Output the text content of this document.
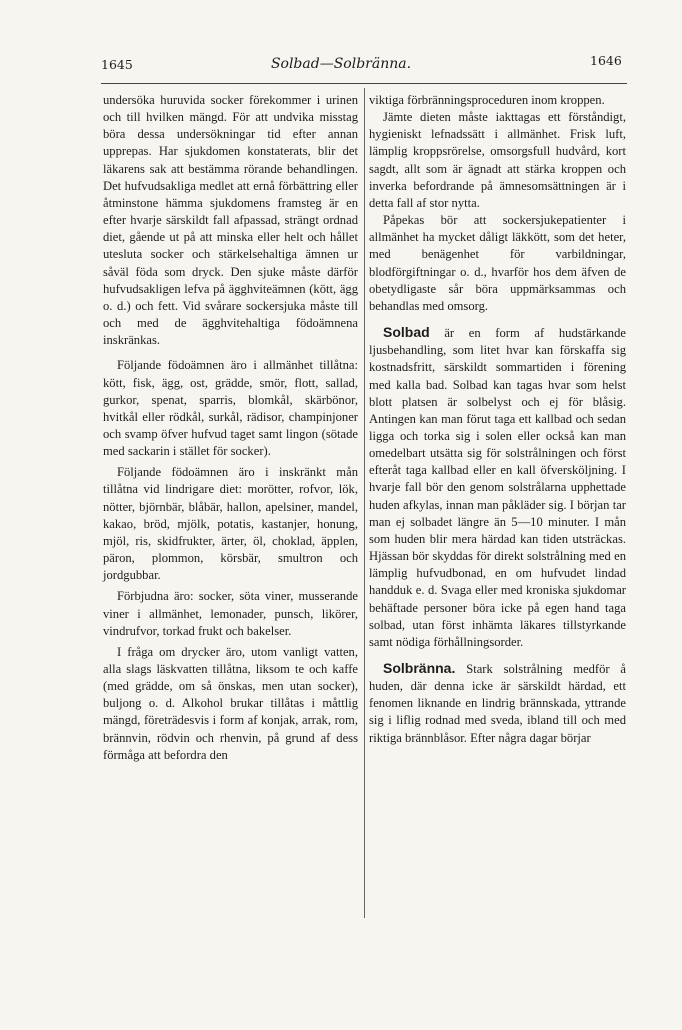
1645	Solbad—Solbränna.	1646

undersöka huruvida socker förekommer i urinen och till hvilken mängd. För att undvika misstag böra dessa undersökningar tid efter annan upprepas. Har sjukdomen konstaterats, blir det läkarens sak att bestämma rörande behandlingen. Det hufvudsakliga medlet att ernå förbättring eller åtminstone hämma sjukdomens framsteg är en efter hvarje särskildt fall afpassad, strängt ordnad diet, gående ut på att minska eller helt och hållet utesluta socker och stärkelsehaltiga ämnen ur såväl föda som dryck. Den sjuke måste därför hufvudsakligen lefva på ägghviteämnen (kött, ägg o. d.) och fett. Vid svårare sockersjuka måste till och med de ägghvitehaltiga födoämnena inskränkas.

Följande födoämnen äro i allmänhet tillåtna: kött, fisk, ägg, ost, grädde, smör, flott, sallad, gurkor, spenat, sparris, blomkål, skärbönor, hvitkål eller rödkål, surkål, rädisor, champinjoner och svamp öfver hufvud taget samt lingon (sötade med sackarin i stället för socker).

Följande födoämnen äro i inskränkt mån tillåtna vid lindrigare diet: morötter, rofvor, lök, nötter, björnbär, blåbär, hallon, apelsiner, mandel, kakao, bröd, mjölk, potatis, kastanjer, honung, mjöl, ris, skidfrukter, ärter, öl, choklad, äpplen, päron, plommon, körsbär, smultron och jordgubbar.

Förbjudna äro: socker, söta viner, musserande viner i allmänhet, lemonader, punsch, likörer, vindrufvor, torkad frukt och bakelser.

I fråga om drycker äro, utom vanligt vatten, alla slags läskvatten tillåtna, liksom te och kaffe (med grädde, om så önskas, men utan socker), buljong o. d. Alkohol brukar tillåtas i måttlig mängd, företrädesvis i form af konjak, arrak, rom, brännvin, rödvin och rhenvin, på grund af dess förmåga att befordra den

viktiga förbränningsproceduren inom kroppen.

Jämte dieten måste iakttagas ett förståndigt, hygieniskt lefnadssätt i allmänhet. Frisk luft, lämplig kroppsrörelse, omsorgsfull hudvård, kort sagdt, allt som är ägnadt att stärka kroppen och inverka befordrande på ämnesomsättningen är i detta fall af stor nytta.

Påpekas bör att sockersjukepatienter i allmänhet ha mycket dåligt läkkött, som det heter, med benägenhet för varbildningar, blodförgiftningar o. d., hvarför hos dem äfven de obetydligaste sår böra uppmärksammas och behandlas med omsorg.

Solbad är en form af hudstärkande ljusbehandling, som litet hvar kan förskaffa sig kostnadsfritt, särskildt sommartiden i förening med kalla bad. Solbad kan tagas hvar som helst blott platsen är solbelyst och ej för blåsig. Antingen kan man förut taga ett kallbad och sedan ligga och torka sig i solen eller också kan man omedelbart utsätta sig för solstrålningen och först efteråt taga kallbad eller en kall öfversköljning. I hvarje fall bör den genom solstrålarna upphettade huden afkylas, innan man påkläder sig. I början tar man ej solbadet längre än 5—10 minuter. I mån som huden blir mera härdad kan tiden utsträckas. Hjässan bör skyddas för direkt solstrålning med en lämplig hufvudbonad, en om hufvudet lindad handduk e. d. Svaga eller med kroniska sjukdomar behäftade personer böra icke på egen hand taga solbad, utan först inhämta läkares tillstyrkande samt nödiga förhållningsorder.

Solbränna. Stark solstrålning medför å huden, där denna icke är särskildt härdad, ett fenomen liknande en lindrig brännskada, yttrande sig i liflig rodnad med sveda, ibland till och med riktiga brännblåsor. Efter några dagar börjar
